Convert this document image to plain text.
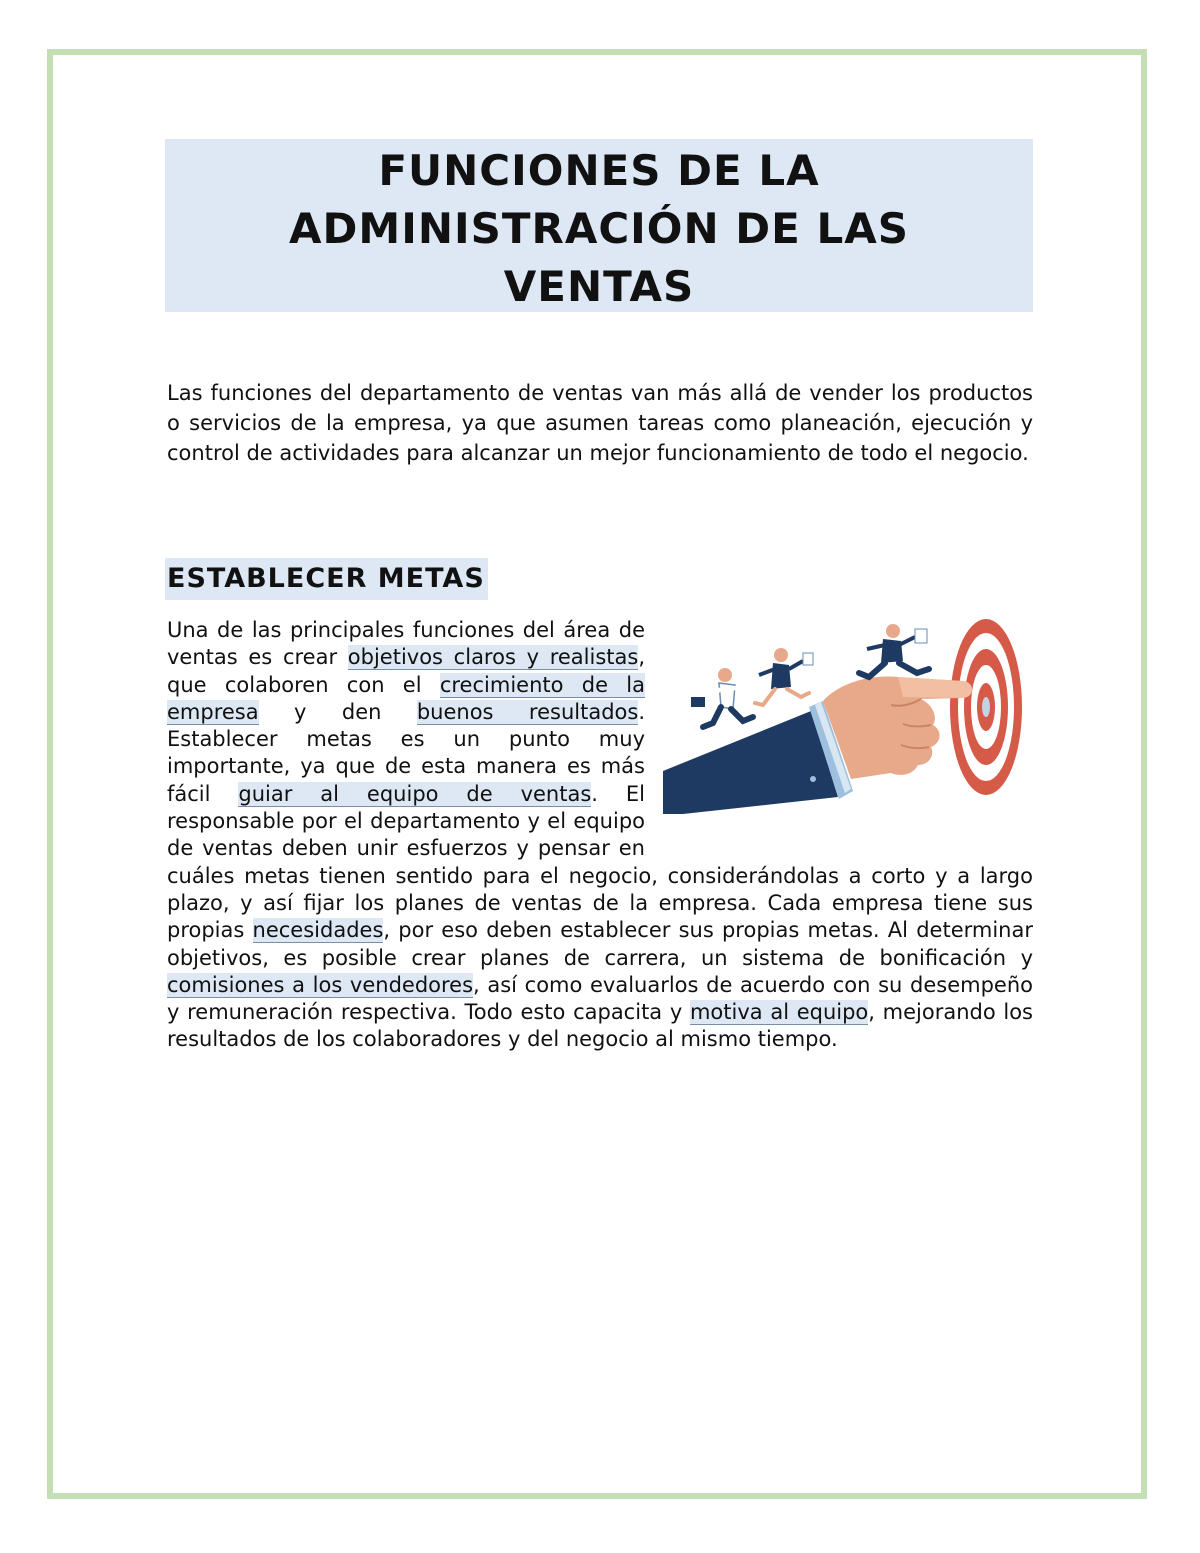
FUNCIONES DE LA
ADMINISTRACIÓN DE LAS
VENTAS

Las funciones del departamento de ventas van más allá de vender los productos o servicios de la empresa, ya que asumen tareas como planeación, ejecución y control de actividades para alcanzar un mejor funcionamiento de todo el negocio.

ESTABLECER METAS

Una de las principales funciones del área de ventas es crear objetivos claros y realistas, que colaboren con el crecimiento de la empresa y den buenos resultados. Establecer metas es un punto muy importante, ya que de esta manera es más fácil guiar al equipo de ventas. El responsable por el departamento y el equipo de ventas deben unir esfuerzos y pensar en cuáles metas tienen sentido para el negocio, considerándolas a corto y a largo plazo, y así fijar los planes de ventas de la empresa. Cada empresa tiene sus propias necesidades, por eso deben establecer sus propias metas. Al determinar objetivos, es posible crear planes de carrera, un sistema de bonificación y comisiones a los vendedores, así como evaluarlos de acuerdo con su desempeño y remuneración respectiva. Todo esto capacita y motiva al equipo, mejorando los resultados de los colaboradores y del negocio al mismo tiempo.
